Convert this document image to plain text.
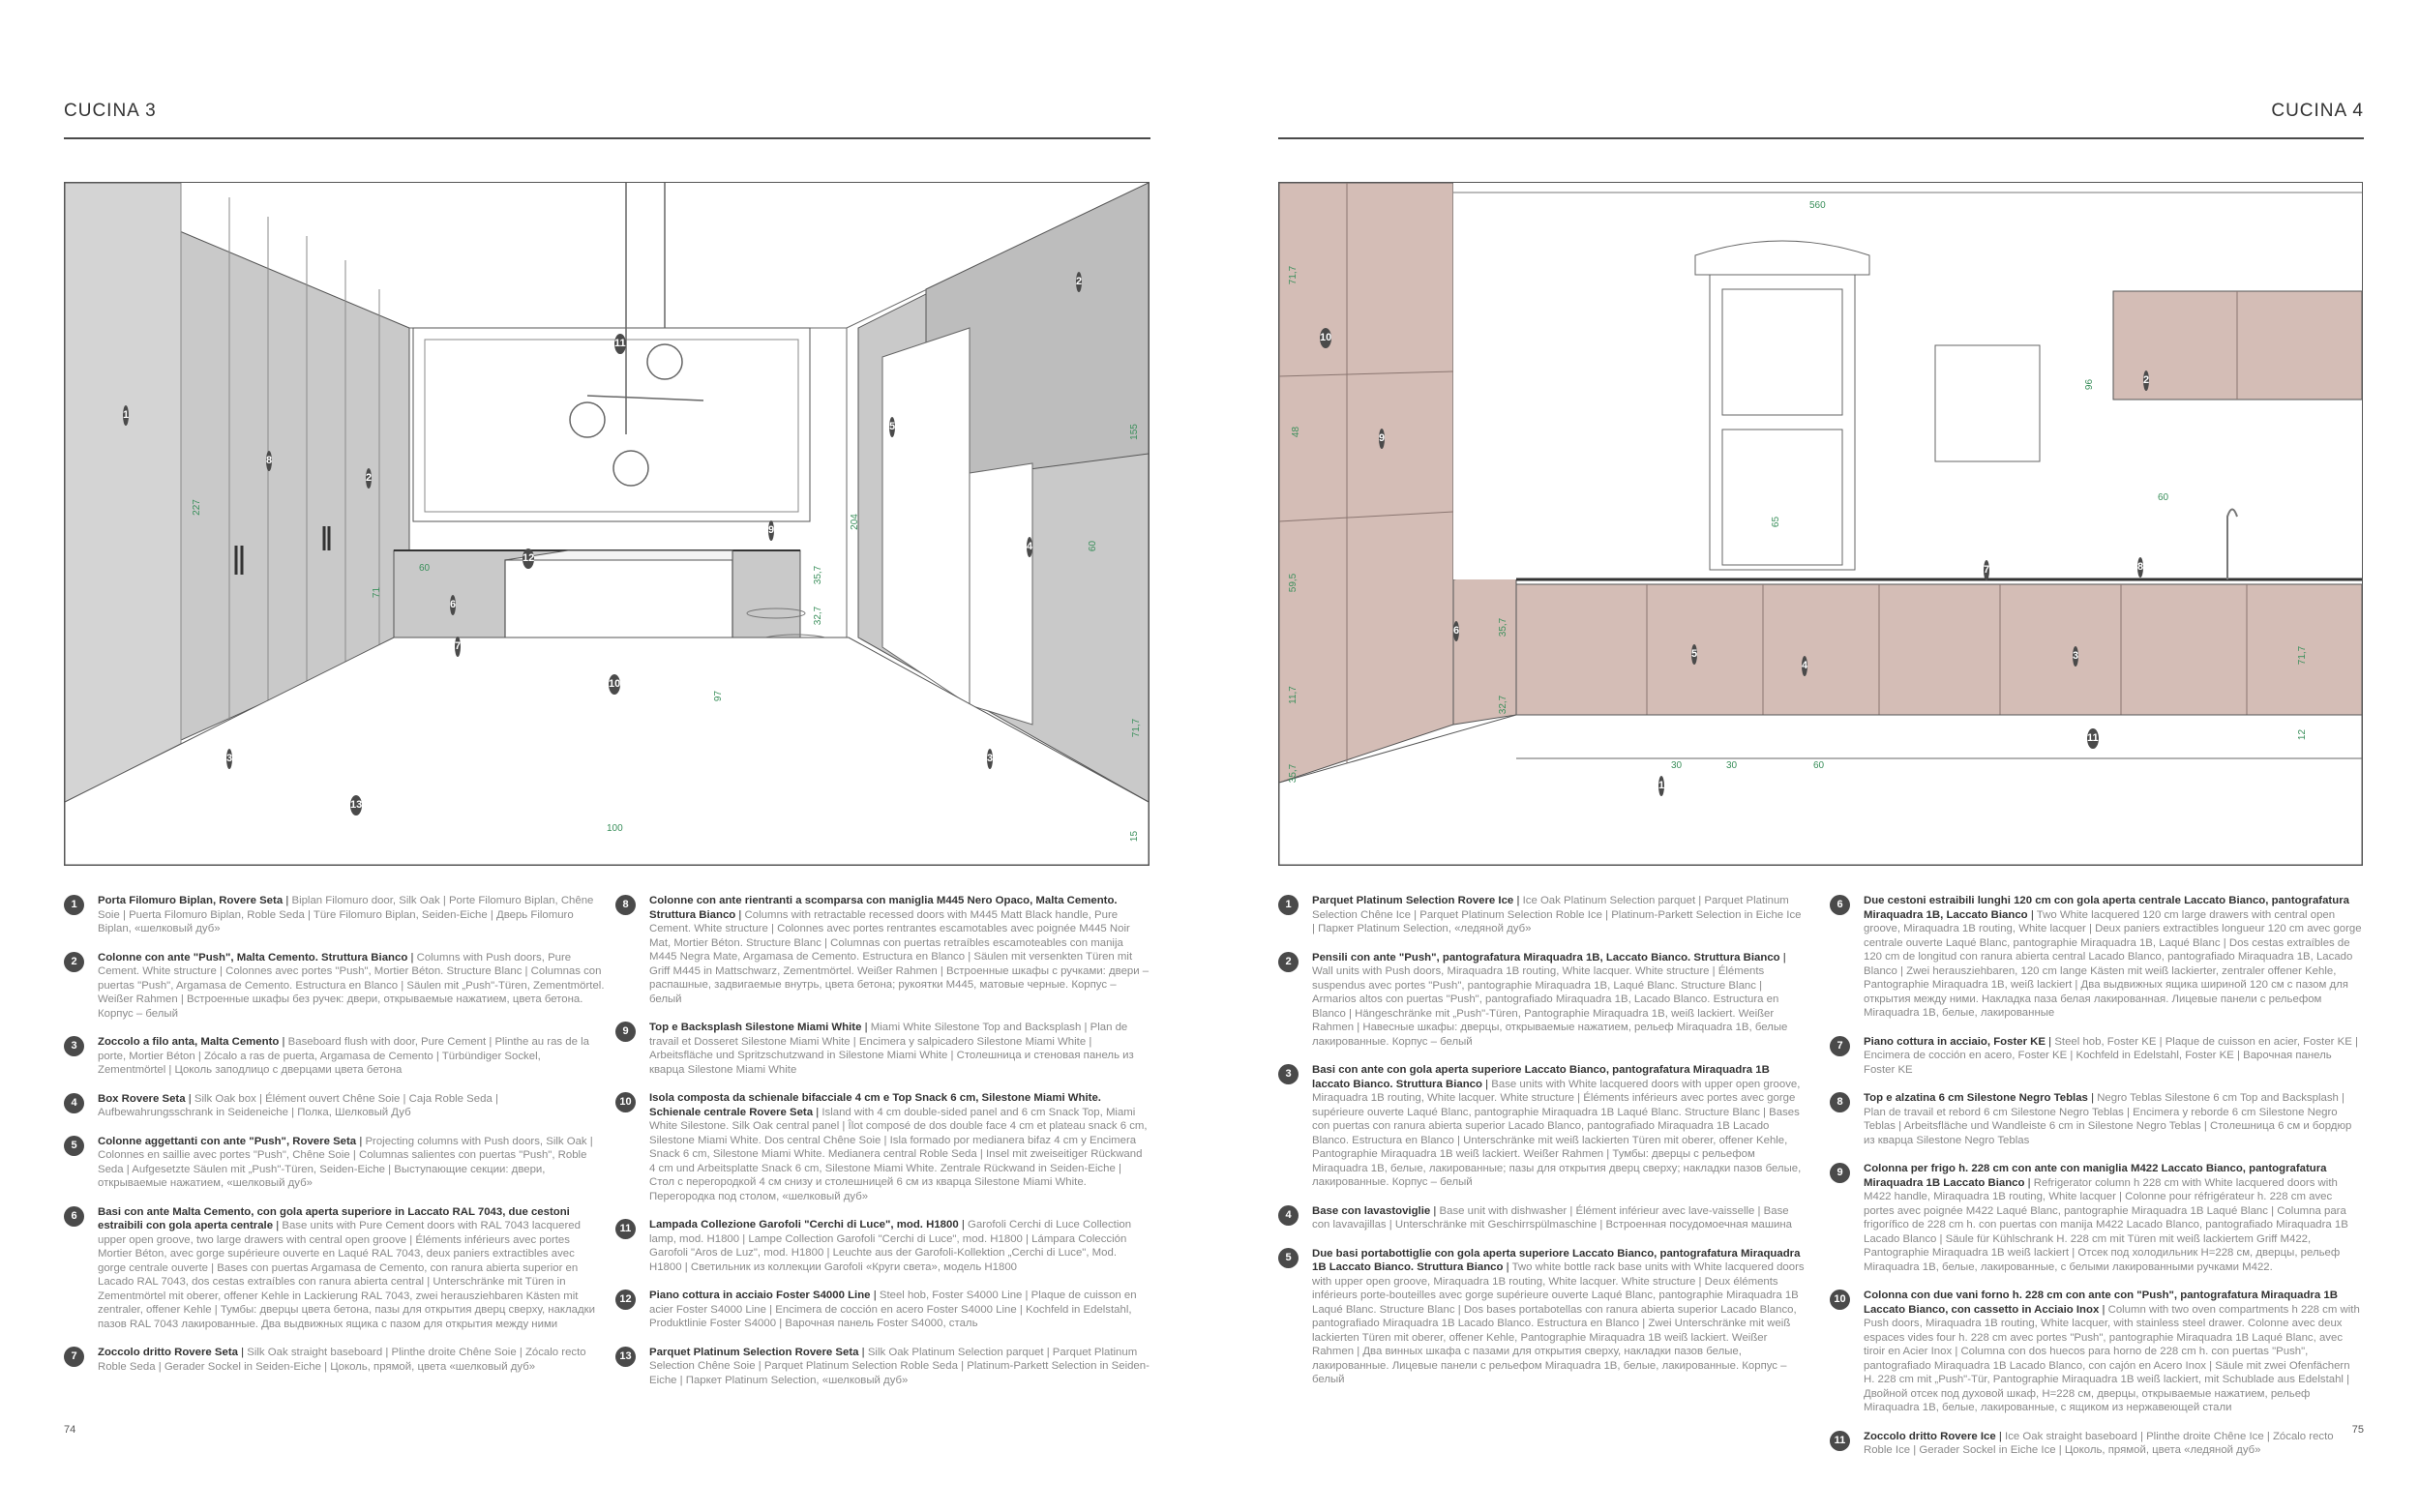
CUCINA 3
1
2
2
3	3
4
5
6
7
8
9
10
11
12
13
227
155
71
60
204
60
35,7
32,7
97
100
71,7
15
1	Porta Filomuro Biplan, Rovere Seta | Biplan Filomuro door, Silk Oak | Porte Filomuro Biplan, Chêne Soie | Puerta Filomuro Biplan, Roble Seda | Türe Filomuro Biplan, Seiden-Eiche | Дверь Filomuro Biplan, «шелковый дуб»
2	Colonne con ante "Push", Malta Cemento. Struttura Bianco | Columns with Push doors, Pure Cement. White structure | Colonnes avec portes "Push", Mortier Béton. Structure Blanc | Columnas con puertas "Push", Argamasa de Cemento. Estructura en Blanco | Säulen mit „Push"-Türen, Zementmörtel. Weißer Rahmen | Встроенные шкафы без ручек: двери, открываемые нажатием, цвета бетона. Корпус – белый
3	Zoccolo a filo anta, Malta Cemento | Baseboard flush with door, Pure Cement | Plinthe au ras de la porte, Mortier Béton | Zócalo a ras de puerta, Argamasa de Cemento | Türbündiger Sockel, Zementmörtel | Цоколь заподлицо с дверцами цвета бетона
4	Box Rovere Seta | Silk Oak box | Élément ouvert Chêne Soie | Caja Roble Seda | Aufbewahrungsschrank in Seideneiche | Полка, Шелковый Дуб
5	Colonne aggettanti con ante "Push", Rovere Seta | Projecting columns with Push doors, Silk Oak | Colonnes en saillie avec portes "Push", Chêne Soie | Columnas salientes con puertas "Push", Roble Seda | Aufgesetzte Säulen mit „Push"-Türen, Seiden-Eiche | Выступающие секции: двери, открываемые нажатием, «шелковый дуб»
6	Basi con ante Malta Cemento, con gola aperta superiore in Laccato RAL 7043, due cestoni estraibili con gola aperta centrale | Base units with Pure Cement doors with RAL 7043 lacquered upper open groove, two large drawers with central open groove | Éléments inférieurs avec portes Mortier Béton, avec gorge supérieure ouverte en Laqué RAL 7043, deux paniers extractibles avec gorge centrale ouverte | Bases con puertas Argamasa de Cemento, con ranura abierta superior en Lacado RAL 7043, dos cestas extraíbles con ranura abierta central | Unterschränke mit Türen in Zementmörtel mit oberer, offener Kehle in Lackierung RAL 7043, zwei herausziehbaren Kästen mit zentraler, offener Kehle | Тумбы: дверцы цвета бетона, пазы для открытия дверц сверху, накладки пазов RAL 7043 лакированные. Два выдвижных ящика с пазом для открытия между ними
7	Zoccolo dritto Rovere Seta | Silk Oak straight baseboard | Plinthe droite Chêne Soie | Zócalo recto Roble Seda | Gerader Sockel in Seiden-Eiche | Цоколь, прямой, цвета «шелковый дуб»
8	Colonne con ante rientranti a scomparsa con maniglia M445 Nero Opaco, Malta Cemento. Struttura Bianco | Columns with retractable recessed doors with M445 Matt Black handle, Pure Cement. White structure | Colonnes avec portes rentrantes escamotables avec poignée M445 Noir Mat, Mortier Béton. Structure Blanc | Columnas con puertas retraíbles escamoteables con manija M445 Negra Mate, Argamasa de Cemento. Estructura en Blanco | Säulen mit versenkten Türen mit Griff M445 in Mattschwarz, Zementmörtel. Weißer Rahmen | Встроенные шкафы с ручками: двери – распашные, задвигаемые внутрь, цвета бетона; рукоятки M445, матовые черные. Корпус – белый
9	Top e Backsplash Silestone Miami White | Miami White Silestone Top and Backsplash | Plan de travail et Dosseret Silestone Miami White | Encimera y salpicadero Silestone Miami White | Arbeitsfläche und Spritzschutzwand in Silestone Miami White | Столешница и стеновая панель из кварца Silestone Miami White
10	Isola composta da schienale bifacciale 4 cm e Top Snack 6 cm, Silestone Miami White. Schienale centrale Rovere Seta | Island with 4 cm double-sided panel and 6 cm Snack Top, Miami White Silestone. Silk Oak central panel | Îlot composé de dos double face 4 cm et plateau snack 6 cm, Silestone Miami White. Dos central Chêne Soie | Isla formado por medianera bifaz 4 cm y Encimera Snack 6 cm, Silestone Miami White. Medianera central Roble Seda | Insel mit zweiseitiger Rückwand 4 cm und Arbeitsplatte Snack 6 cm, Silestone Miami White. Zentrale Rückwand in Seiden-Eiche | Стол с перегородкой 4 см снизу и столешницей 6 см из кварца Silestone Miami White. Перегородка под столом, «шелковый дуб»
11	Lampada Collezione Garofoli "Cerchi di Luce", mod. H1800 | Garofoli Cerchi di Luce Collection lamp, mod. H1800 | Lampe Collection Garofoli "Cerchi di Luce", mod. H1800 | Lámpara Colección Garofoli "Aros de Luz", mod. H1800 | Leuchte aus der Garofoli-Kollektion „Cerchi di Luce", Mod. H1800 | Светильник из коллекции Garofoli «Круги света», модель H1800
12	Piano cottura in acciaio Foster S4000 Line | Steel hob, Foster S4000 Line | Plaque de cuisson en acier Foster S4000 Line | Encimera de cocción en acero Foster S4000 Line | Kochfeld in Edelstahl, Produktlinie Foster S4000 | Варочная панель Foster S4000, сталь
13	Parquet Platinum Selection Rovere Seta | Silk Oak Platinum Selection parquet | Parquet Platinum Selection Chêne Soie | Parquet Platinum Selection Roble Seda | Platinum-Parkett Selection in Seiden-Eiche | Паркет Platinum Selection, «шелковый дуб»
74
CUCINA 4
1
2
3
4
5
6
7	8
9
10
11
560
71,7
48
96
60
65
59,5
35,7
32,7
11,7
35,7	30	30	60
71,7
12
1	Parquet Platinum Selection Rovere Ice | Ice Oak Platinum Selection parquet | Parquet Platinum Selection Chêne Ice | Parquet Platinum Selection Roble Ice | Platinum-Parkett Selection in Eiche Ice | Паркет Platinum Selection, «ледяной дуб»
2	Pensili con ante "Push", pantografatura Miraquadra 1B, Laccato Bianco. Struttura Bianco | Wall units with Push doors, Miraquadra 1B routing, White lacquer. White structure | Éléments suspendus avec portes "Push", pantographie Miraquadra 1B, Laqué Blanc. Structure Blanc | Armarios altos con puertas "Push", pantografiado Miraquadra 1B, Lacado Blanco. Estructura en Blanco | Hängeschränke mit „Push"-Türen, Pantographie Miraquadra 1B, weiß lackiert. Weißer Rahmen | Навесные шкафы: дверцы, открываемые нажатием, рельеф Miraquadra 1B, белые лакированные. Корпус – белый
3	Basi con ante con gola aperta superiore Laccato Bianco, pantografatura Miraquadra 1B laccato Bianco. Struttura Bianco | Base units with White lacquered doors with upper open groove, Miraquadra 1B routing, White lacquer. White structure | Éléments inférieurs avec portes avec gorge supérieure ouverte Laqué Blanc, pantographie Miraquadra 1B Laqué Blanc. Structure Blanc | Bases con puertas con ranura abierta superior Lacado Blanco, pantografiado Miraquadra 1B Lacado Blanco. Estructura en Blanco | Unterschränke mit weiß lackierten Türen mit oberer, offener Kehle, Pantographie Miraquadra 1B weiß lackiert. Weißer Rahmen | Тумбы: дверцы с рельефом Miraquadra 1B, белые, лакированные; пазы для открытия дверц сверху; накладки пазов белые, лакированные. Корпус – белый
4	Base con lavastoviglie | Base unit with dishwasher | Élément inférieur avec lave-vaisselle | Base con lavavajillas | Unterschränke mit Geschirrspülmaschine | Встроенная посудомоечная машина
5	Due basi portabottiglie con gola aperta superiore Laccato Bianco, pantografatura Miraquadra 1B Laccato Bianco. Struttura Bianco | Two white bottle rack base units with White lacquered doors with upper open groove, Miraquadra 1B routing, White lacquer. White structure | Deux éléments inférieurs porte-bouteilles avec gorge supérieure ouverte Laqué Blanc, pantographie Miraquadra 1B Laqué Blanc. Structure Blanc | Dos bases portabotellas con ranura abierta superior Lacado Blanco, pantografiado Miraquadra 1B Lacado Blanco. Estructura en Blanco | Zwei Unterschränke mit weiß lackierten Türen mit oberer, offener Kehle, Pantographie Miraquadra 1B weiß lackiert. Weißer Rahmen | Два винных шкафа с пазами для открытия сверху, накладки пазов белые, лакированные. Лицевые панели с рельефом Miraquadra 1B, белые, лакированные. Корпус – белый
6	Due cestoni estraibili lunghi 120 cm con gola aperta centrale Laccato Bianco, pantografatura Miraquadra 1B, Laccato Bianco | Two White lacquered 120 cm large drawers with central open groove, Miraquadra 1B routing, White lacquer | Deux paniers extractibles longueur 120 cm avec gorge centrale ouverte Laqué Blanc, pantographie Miraquadra 1B, Laqué Blanc | Dos cestas extraíbles de 120 cm de longitud con ranura abierta central Lacado Blanco, pantografiado Miraquadra 1B, Lacado Blanco | Zwei herausziehbaren, 120 cm lange Kästen mit weiß lackierter, zentraler offener Kehle, Pantographie Miraquadra 1B, weiß lackiert | Два выдвижных ящика шириной 120 см с пазом для открытия между ними. Накладка паза белая лакированная. Лицевые панели с рельефом Miraquadra 1B, белые, лакированные
7	Piano cottura in acciaio, Foster KE | Steel hob, Foster KE | Plaque de cuisson en acier, Foster KE | Encimera de cocción en acero, Foster KE | Kochfeld in Edelstahl, Foster KE | Варочная панель Foster KE
8	Top e alzatina 6 cm Silestone Negro Teblas | Negro Teblas Silestone 6 cm Top and Backsplash | Plan de travail et rebord 6 cm Silestone Negro Teblas | Encimera y reborde 6 cm Silestone Negro Teblas | Arbeitsfläche und Wandleiste 6 cm in Silestone Negro Teblas | Столешница 6 см и бордюр из кварца Silestone Negro Teblas
9	Colonna per frigo h. 228 cm con ante con maniglia M422 Laccato Bianco, pantografatura Miraquadra 1B Laccato Bianco | Refrigerator column h 228 cm with White lacquered doors with M422 handle, Miraquadra 1B routing, White lacquer | Colonne pour réfrigérateur h. 228 cm avec portes avec poignée M422 Laqué Blanc, pantographie Miraquadra 1B Laqué Blanc | Columna para frigorífico de 228 cm h. con puertas con manija M422 Lacado Blanco, pantografiado Miraquadra 1B Lacado Blanco | Säule für Kühlschrank H. 228 cm mit Türen mit weiß lackiertem Griff M422, Pantographie Miraquadra 1B weiß lackiert | Отсек под холодильник H=228 см, дверцы, рельеф Miraquadra 1B, белые, лакированные, с белыми лакированными ручками M422.
10	Colonna con due vani forno h. 228 cm con ante con "Push", pantografatura Miraquadra 1B Laccato Bianco, con cassetto in Acciaio Inox | Column with two oven compartments h 228 cm with Push doors, Miraquadra 1B routing, White lacquer, with stainless steel drawer. Colonne avec deux espaces vides four h. 228 cm avec portes "Push", pantographie Miraquadra 1B Laqué Blanc, avec tiroir en Acier Inox | Columna con dos huecos para horno de 228 cm h. con puertas "Push", pantografiado Miraquadra 1B Lacado Blanco, con cajón en Acero Inox | Säule mit zwei Ofenfächern H. 228 cm mit „Push"-Tür, Pantographie Miraquadra 1B weiß lackiert, mit Schublade aus Edelstahl | Двойной отсек под духовой шкаф, H=228 см, дверцы, открываемые нажатием, рельеф Miraquadra 1B, белые, лакированные, с ящиком из нержавеющей стали
11	Zoccolo dritto Rovere Ice | Ice Oak straight baseboard | Plinthe droite Chêne Ice | Zócalo recto Roble Ice | Gerader Sockel in Eiche Ice | Цоколь, прямой, цвета «ледяной дуб»
75
